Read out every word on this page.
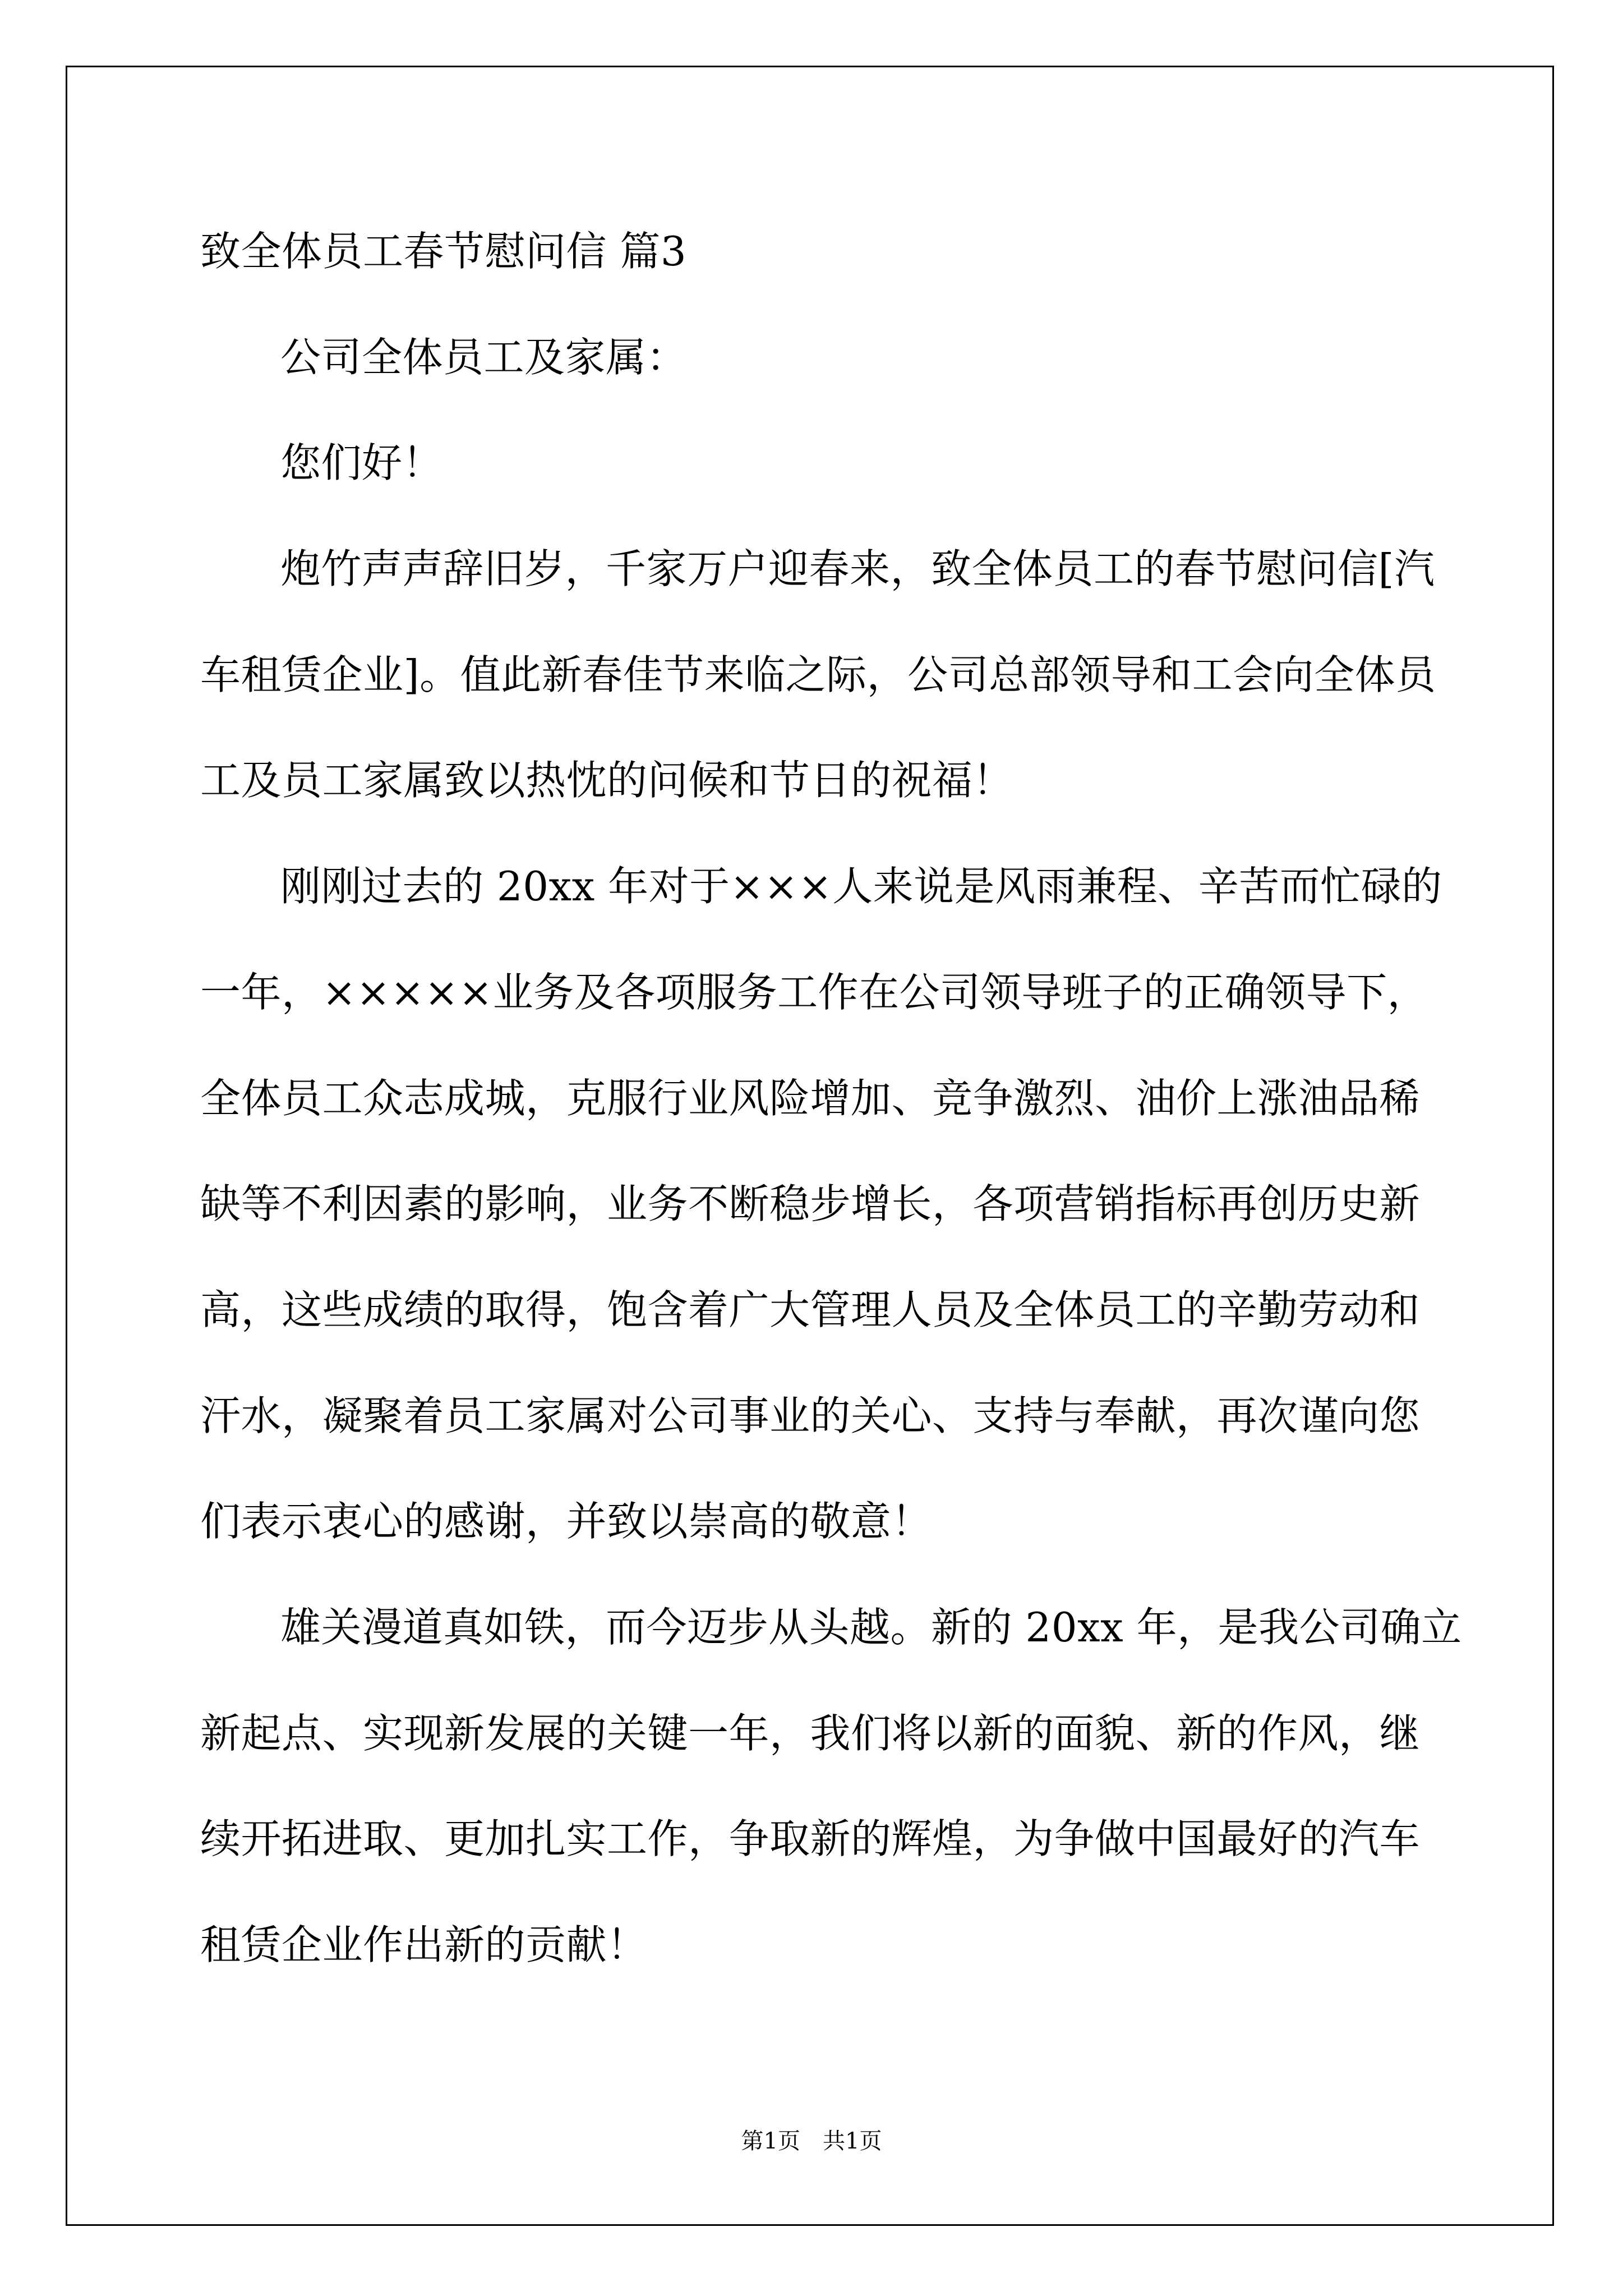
致全体员工春节慰问信 篇3
公司全体员工及家属：
您们好！
炮竹声声辞旧岁，千家万户迎春来，致全体员工的春节慰问信[汽
车租赁企业]。值此新春佳节来临之际，公司总部领导和工会向全体员
工及员工家属致以热忱的问候和节日的祝福！
刚刚过去的 20xx 年对于×××人来说是风雨兼程、辛苦而忙碌的
一年，×××××业务及各项服务工作在公司领导班子的正确领导下，
全体员工众志成城，克服行业风险增加、竞争激烈、油价上涨油品稀
缺等不利因素的影响，业务不断稳步增长，各项营销指标再创历史新
高，这些成绩的取得，饱含着广大管理人员及全体员工的辛勤劳动和
汗水，凝聚着员工家属对公司事业的关心、支持与奉献，再次谨向您
们表示衷心的感谢，并致以崇高的敬意！
雄关漫道真如铁，而今迈步从头越。新的 20xx 年，是我公司确立
新起点、实现新发展的关键一年，我们将以新的面貌、新的作风，继
续开拓进取、更加扎实工作，争取新的辉煌，为争做中国最好的汽车
租赁企业作出新的贡献！
第1页　共1页
